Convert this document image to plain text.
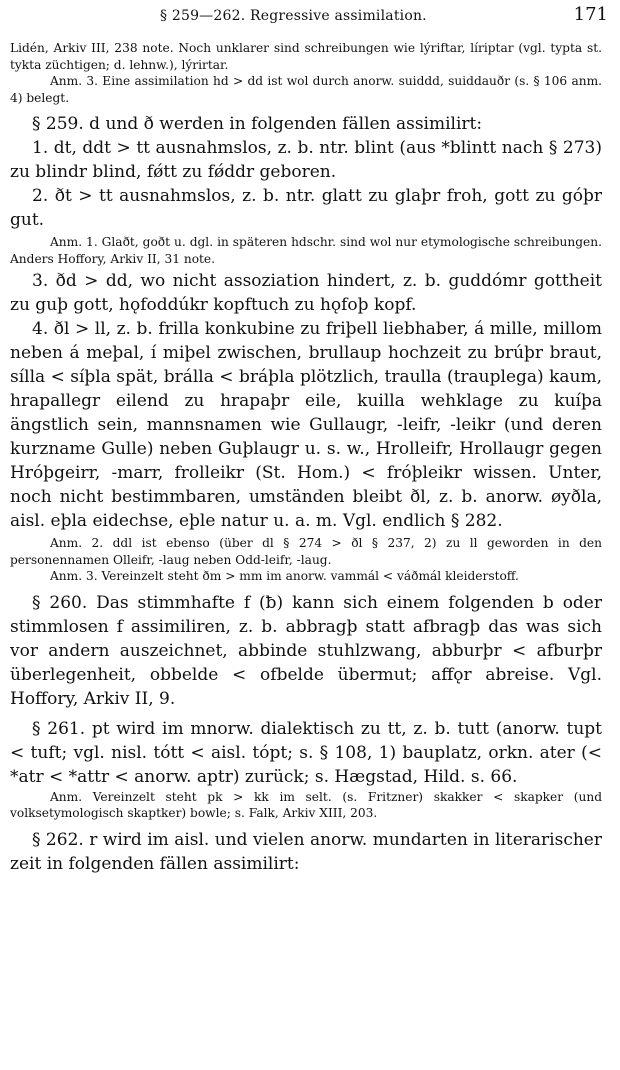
§ 259—262. Regressive assimilation.	171

Lidén, Arkiv III, 238 note. Noch unklarer sind schreibungen wie lýriftar, líriptar (vgl. typta st. tykta züchtigen; d. lehnw.), lýrirtar.

Anm. 3. Eine assimilation hd > dd ist wol durch anorw. suiddd, suiddauðr (s. § 106 anm. 4) belegt.

§ 259. d und ð werden in folgenden fällen assimilirt:

1. dt, ddt > tt ausnahmslos, z. b. ntr. blint (aus *blintt nach § 273) zu blindr blind, fǿtt zu fǿddr geboren.

2. ðt > tt ausnahmslos, z. b. ntr. glatt zu glaþr froh, gott zu góþr gut.

Anm. 1. Glaðt, goðt u. dgl. in späteren hdschr. sind wol nur etymologische schreibungen. Anders Hoffory, Arkiv II, 31 note.

3. ðd > dd, wo nicht assoziation hindert, z. b. guddómr gottheit zu guþ gott, hǫfoddúkr kopftuch zu hǫfoþ kopf.

4. ðl > ll, z. b. frilla konkubine zu friþell liebhaber, á mille, millom neben á meþal, í miþel zwischen, brullaup hochzeit zu brúþr braut, sílla < síþla spät, brálla < bráþla plötzlich, traulla (trauplega) kaum, hrapallegr eilend zu hrapaþr eile, kuilla wehklage zu kuíþa ängstlich sein, mannsnamen wie Gullaugr, -leifr, -leikr (und deren kurzname Gulle) neben Guþlaugr u. s. w., Hrolleifr, Hrollaugr gegen Hróþgeirr, -marr, frolleikr (St. Hom.) < fróþleikr wissen. Unter, noch nicht bestimmbaren, umständen bleibt ðl, z. b. anorw. øyðla, aisl. eþla eidechse, eþle natur u. a. m. Vgl. endlich § 282.

Anm. 2. ddl ist ebenso (über dl § 274 > ðl § 237, 2) zu ll geworden in den personennamen Olleifr, -laug neben Odd-leifr, -laug.

Anm. 3. Vereinzelt steht ðm > mm im anorw. vammál < váðmál kleiderstoff.

§ 260. Das stimmhafte f (ƀ) kann sich einem folgenden b oder stimmlosen f assimiliren, z. b. abbragþ statt afbragþ das was sich vor andern auszeichnet, abbinde stuhlzwang, abburþr < afburþr überlegenheit, obbelde < ofbelde übermut; affǫr abreise. Vgl. Hoffory, Arkiv II, 9.

§ 261. pt wird im mnorw. dialektisch zu tt, z. b. tutt (anorw. tupt < tuft; vgl. nisl. tótt < aisl. tópt; s. § 108, 1) bauplatz, orkn. ater (< *atr < *attr < anorw. aptr) zurück; s. Hægstad, Hild. s. 66.

Anm. Vereinzelt steht pk > kk im selt. (s. Fritzner) skakker < skapker (und volksetymologisch skaptker) bowle; s. Falk, Arkiv XIII, 203.

§ 262. r wird im aisl. und vielen anorw. mundarten in literarischer zeit in folgenden fällen assimilirt:
